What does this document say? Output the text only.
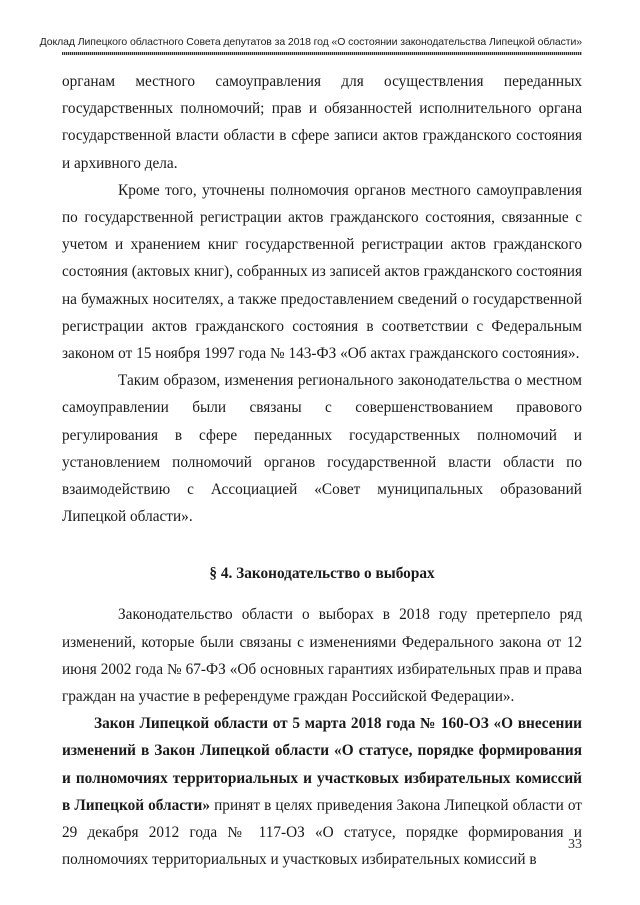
Доклад Липецкого областного Совета депутатов за 2018 год «О состоянии законодательства Липецкой области»

органам местного самоуправления для осуществления переданных государственных полномочий; прав и обязанностей исполнительного органа государственной власти области в сфере записи актов гражданского состояния и архивного дела.

Кроме того, уточнены полномочия органов местного самоуправления по государственной регистрации актов гражданского состояния, связанные с учетом и хранением книг государственной регистрации актов гражданского состояния (актовых книг), собранных из записей актов гражданского состояния на бумажных носителях, а также предоставлением сведений о государственной регистрации актов гражданского состояния в соответствии с Федеральным законом от 15 ноября 1997 года № 143-ФЗ «Об актах гражданского состояния».

Таким образом, изменения регионального законодательства о местном самоуправлении были связаны с совершенствованием правового регулирования в сфере переданных государственных полномочий и установлением полномочий органов государственной власти области по взаимодействию с Ассоциацией «Совет муниципальных образований Липецкой области».

§ 4. Законодательство о выборах

Законодательство области о выборах в 2018 году претерпело ряд изменений, которые были связаны с изменениями Федерального закона от 12 июня 2002 года № 67-ФЗ «Об основных гарантиях избирательных прав и права граждан на участие в референдуме граждан Российской Федерации».

Закон Липецкой области от 5 марта 2018 года № 160-ОЗ «О внесении изменений в Закон Липецкой области «О статусе, порядке формирования и полномочиях территориальных и участковых избирательных комиссий в Липецкой области» принят в целях приведения Закона Липецкой области от 29 декабря 2012 года № 117-ОЗ «О статусе, порядке формирования и полномочиях территориальных и участковых избирательных комиссий в

33
